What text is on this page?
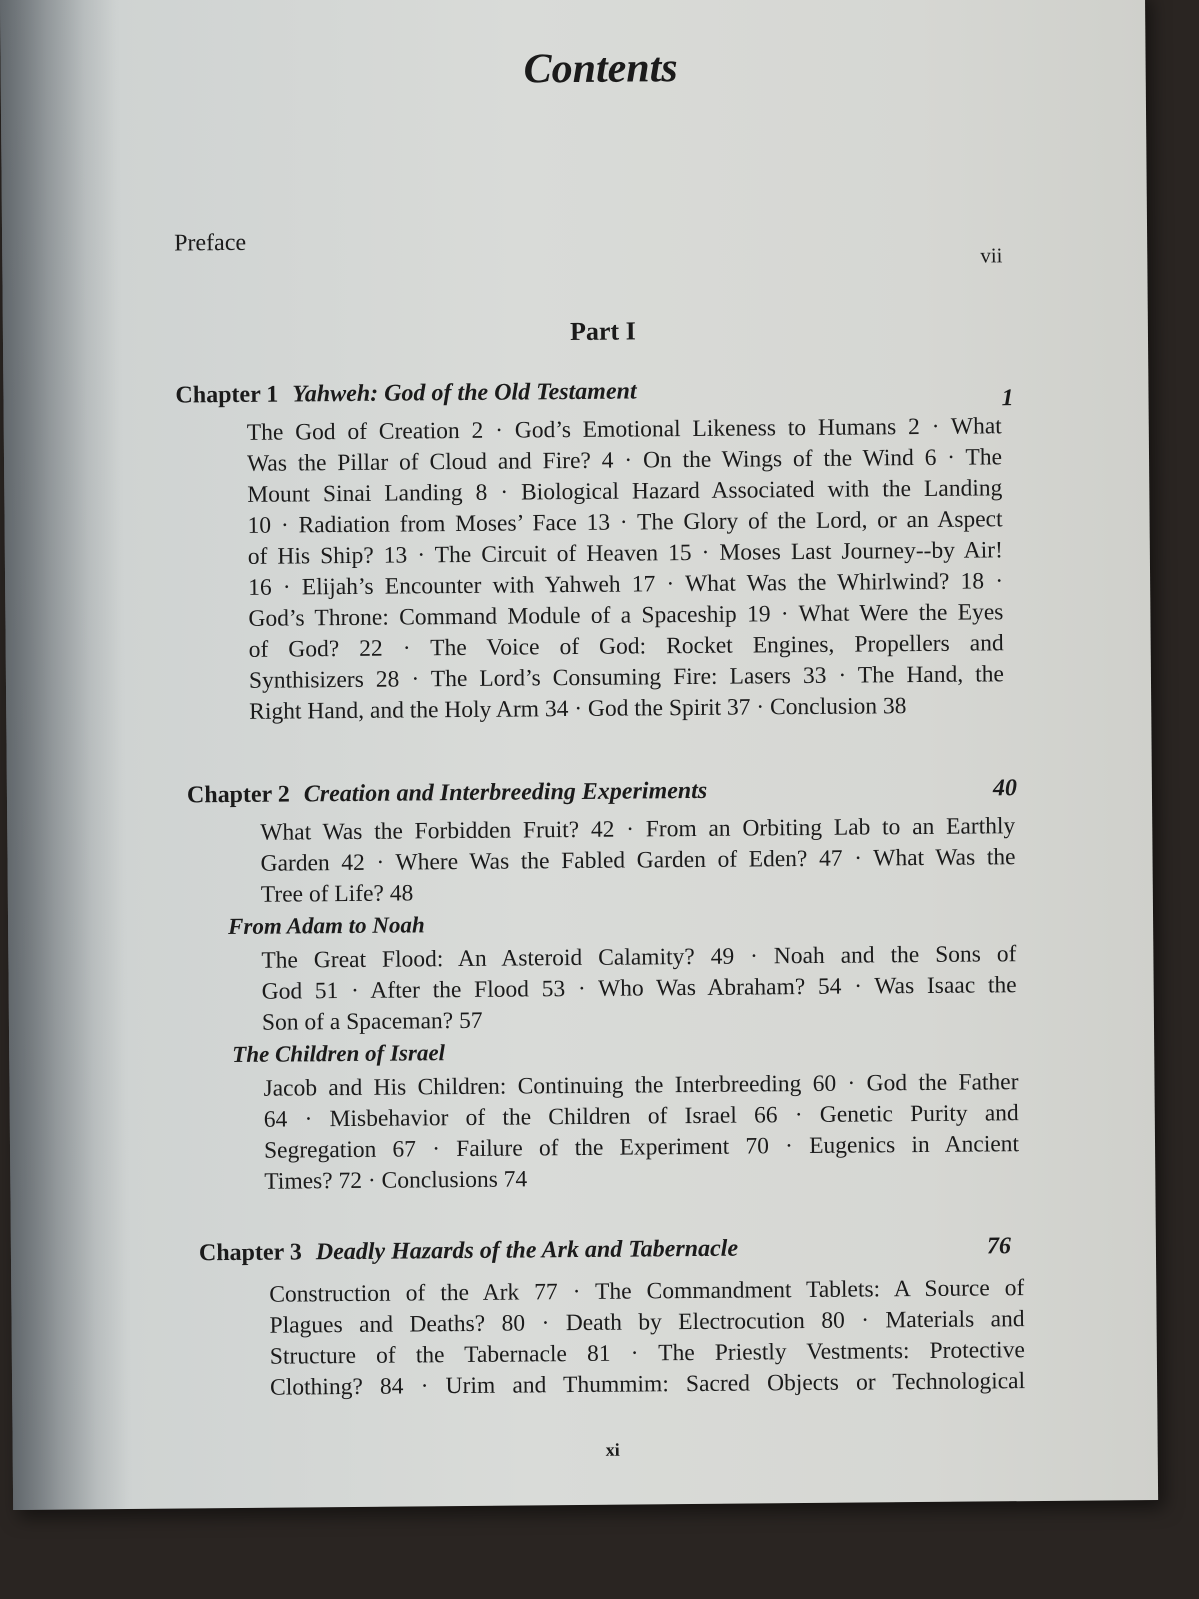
Contents
Preface	vii
Part I
Chapter 1 Yahweh: God of the Old Testament	1
The God of Creation 2 · God’s Emotional Likeness to Humans 2 · What
Was the Pillar of Cloud and Fire? 4 · On the Wings of the Wind 6 · The
Mount Sinai Landing 8 · Biological Hazard Associated with the Landing
10 · Radiation from Moses’ Face 13 · The Glory of the Lord, or an Aspect
of His Ship? 13 · The Circuit of Heaven 15 · Moses Last Journey--by Air!
16 · Elijah’s Encounter with Yahweh 17 · What Was the Whirlwind? 18 ·
God’s Throne: Command Module of a Spaceship 19 · What Were the Eyes
of God? 22 · The Voice of God: Rocket Engines, Propellers and
Synthisizers 28 · The Lord’s Consuming Fire: Lasers 33 · The Hand, the
Right Hand, and the Holy Arm 34 · God the Spirit 37 · Conclusion 38
Chapter 2 Creation and Interbreeding Experiments	40
What Was the Forbidden Fruit? 42 · From an Orbiting Lab to an Earthly
Garden 42 · Where Was the Fabled Garden of Eden? 47 · What Was the
Tree of Life? 48
From Adam to Noah
The Great Flood: An Asteroid Calamity? 49 · Noah and the Sons of
God 51 · After the Flood 53 · Who Was Abraham? 54 · Was Isaac the
Son of a Spaceman? 57
The Children of Israel
Jacob and His Children: Continuing the Interbreeding 60 · God the Father
64 · Misbehavior of the Children of Israel 66 · Genetic Purity and
Segregation 67 · Failure of the Experiment 70 · Eugenics in Ancient
Times? 72 · Conclusions 74
Chapter 3 Deadly Hazards of the Ark and Tabernacle	76
Construction of the Ark 77 · The Commandment Tablets: A Source of
Plagues and Deaths? 80 · Death by Electrocution 80 · Materials and
Structure of the Tabernacle 81 · The Priestly Vestments: Protective
Clothing? 84 · Urim and Thummim: Sacred Objects or Technological
xi
